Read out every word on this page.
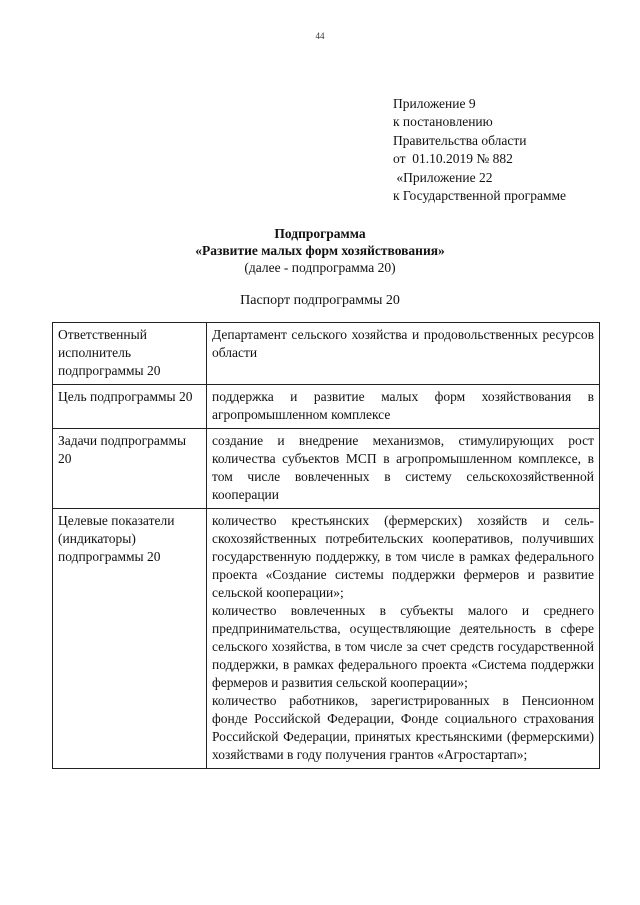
44
Приложение 9
к постановлению
Правительства области
от  01.10.2019 № 882
«Приложение 22
к Государственной программе
Подпрограмма
«Развитие малых форм хозяйствования»
(далее - подпрограмма 20)
Паспорт подпрограммы 20
Ответственный исполнитель подпрограммы 20	Департамент сельского хозяйства и продовольственных ресурсов области
Цель подпрограммы 20	поддержка и развитие малых форм хозяйствования в агропромышленном комплексе
Задачи подпрограммы 20	создание и внедрение механизмов, стимулирующих рост количества субъектов МСП в агропромышленном комплексе, в том числе вовлеченных в систему сельскохозяйственной кооперации
Целевые показатели (индикаторы) подпрограммы 20	количество крестьянских (фермерских) хозяйств и сельскохозяйственных потребительских кооперативов, получивших государственную поддержку, в том числе в рамках федерального проекта «Создание системы поддержки фермеров и развитие сельской кооперации»;
количество вовлеченных в субъекты малого и среднего предпринимательства, осуществляющие деятельность в сфере сельского хозяйства, в том числе за счет средств государственной поддержки, в рамках федерального проекта «Система поддержки фермеров и развития сельской кооперации»;
количество работников, зарегистрированных в Пенсионном фонде Российской Федерации, Фонде социального страхования Российской Федерации, принятых крестьянскими (фермерскими) хозяйствами в году получения грантов «Агростартап»;
